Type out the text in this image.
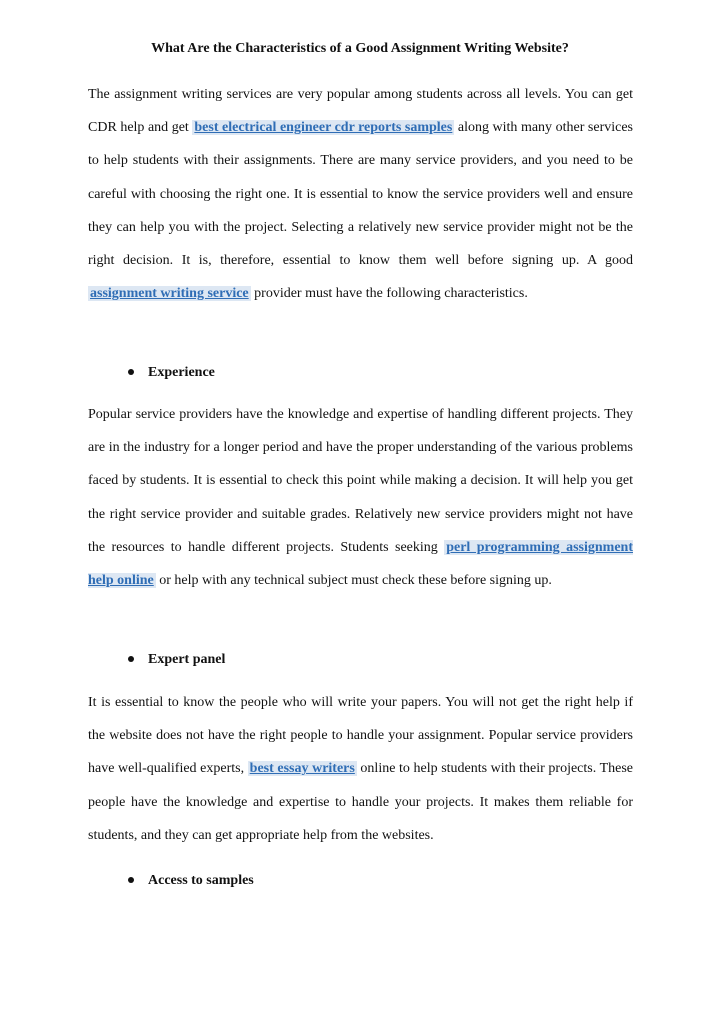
What Are the Characteristics of a Good Assignment Writing Website?

The assignment writing services are very popular among students across all levels. You can get CDR help and get best electrical engineer cdr reports samples along with many other services to help students with their assignments. There are many service providers, and you need to be careful with choosing the right one. It is essential to know the service providers well and ensure they can help you with the project. Selecting a relatively new service provider might not be the right decision. It is, therefore, essential to know them well before signing up. A good assignment writing service provider must have the following characteristics.

Experience

Popular service providers have the knowledge and expertise of handling different projects. They are in the industry for a longer period and have the proper understanding of the various problems faced by students. It is essential to check this point while making a decision. It will help you get the right service provider and suitable grades. Relatively new service providers might not have the resources to handle different projects. Students seeking perl programming assignment help online or help with any technical subject must check these before signing up.

Expert panel

It is essential to know the people who will write your papers. You will not get the right help if the website does not have the right people to handle your assignment. Popular service providers have well-qualified experts, best essay writers online to help students with their projects. These people have the knowledge and expertise to handle your projects. It makes them reliable for students, and they can get appropriate help from the websites.

Access to samples
